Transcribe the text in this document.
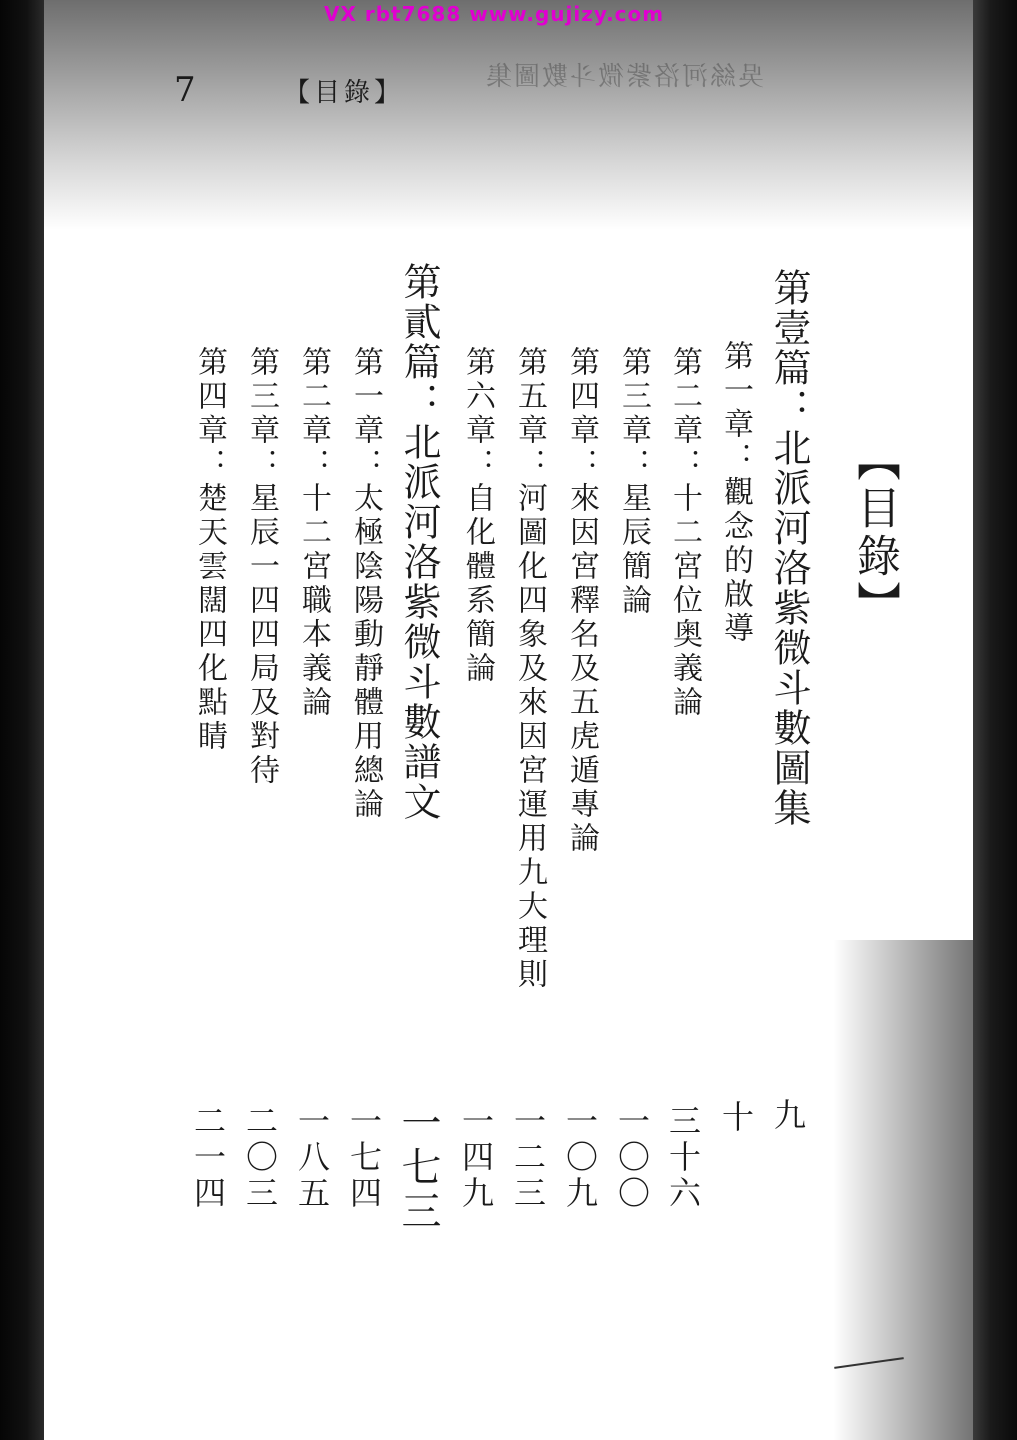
VX rbt7688 www.gujizy.com
吳絲河洛紫微斗數圖集
7	【目錄】
【目錄】
第壹篇：北派河洛紫微斗數圖集
九
第一章：觀念的啟導
十
第二章：十二宮位奥義論
三十六
第三章：星辰簡論
一〇〇
第四章：來因宮釋名及五虎遁專論
一〇九
第五章：河圖化四象及來因宮運用九大理則
一二三
第六章：自化體系簡論
一四九
第貳篇：北派河洛紫微斗數譜文
一七三
第一章：太極陰陽動靜體用總論
一七四
第二章：十二宮職本義論
一八五
第三章：星辰一四四局及對待
二〇三
第四章：楚天雲闊四化點睛
二一四
